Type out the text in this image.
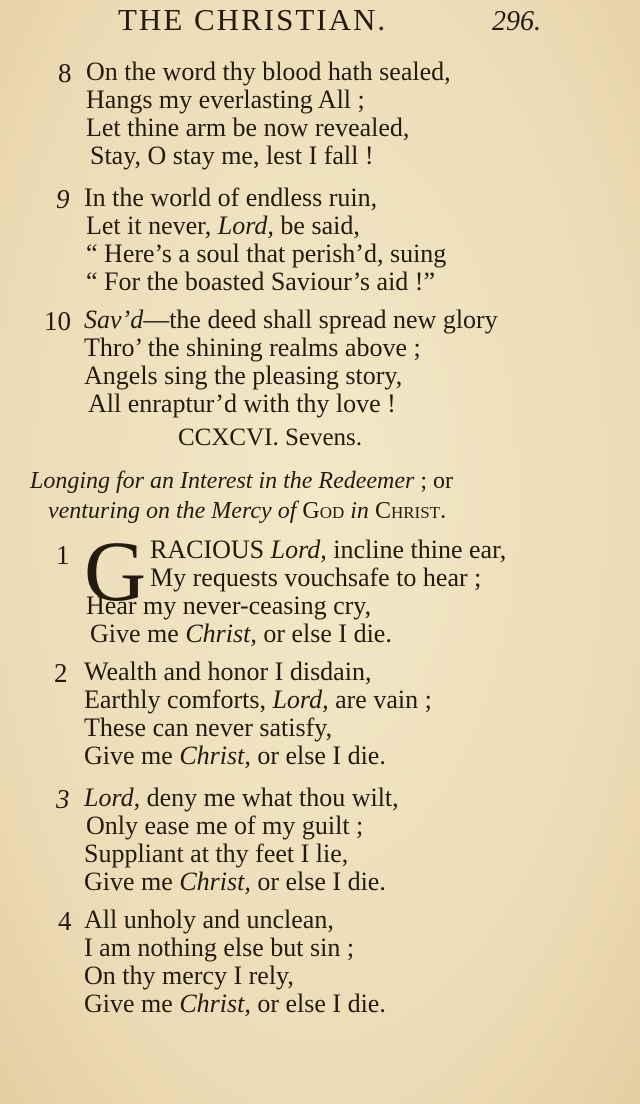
THE CHRISTIAN.	296.
8 On the word thy blood hath sealed,
Hangs my everlasting All ;
Let thine arm be now revealed,
Stay, O stay me, lest I fall !
9 In the world of endless ruin,
Let it never, Lord, be said,
“ Here’s a soul that perish’d, suing
“ For the boasted Saviour’s aid !”
10 Sav’d—the deed shall spread new glory
Thro’ the shining realms above ;
Angels sing the pleasing story,
All enraptur’d with thy love !
CCXCVI. Sevens.
Longing for an Interest in the Redeemer ; or
venturing on the Mercy of God in Christ.
1 G RACIOUS Lord, incline thine ear,
My requests vouchsafe to hear ;
Hear my never-ceasing cry,
Give me Christ, or else I die.
2 Wealth and honor I disdain,
Earthly comforts, Lord, are vain ;
These can never satisfy,
Give me Christ, or else I die.
3 Lord, deny me what thou wilt,
Only ease me of my guilt ;
Suppliant at thy feet I lie,
Give me Christ, or else I die.
4 All unholy and unclean,
I am nothing else but sin ;
On thy mercy I rely,
Give me Christ, or else I die.
